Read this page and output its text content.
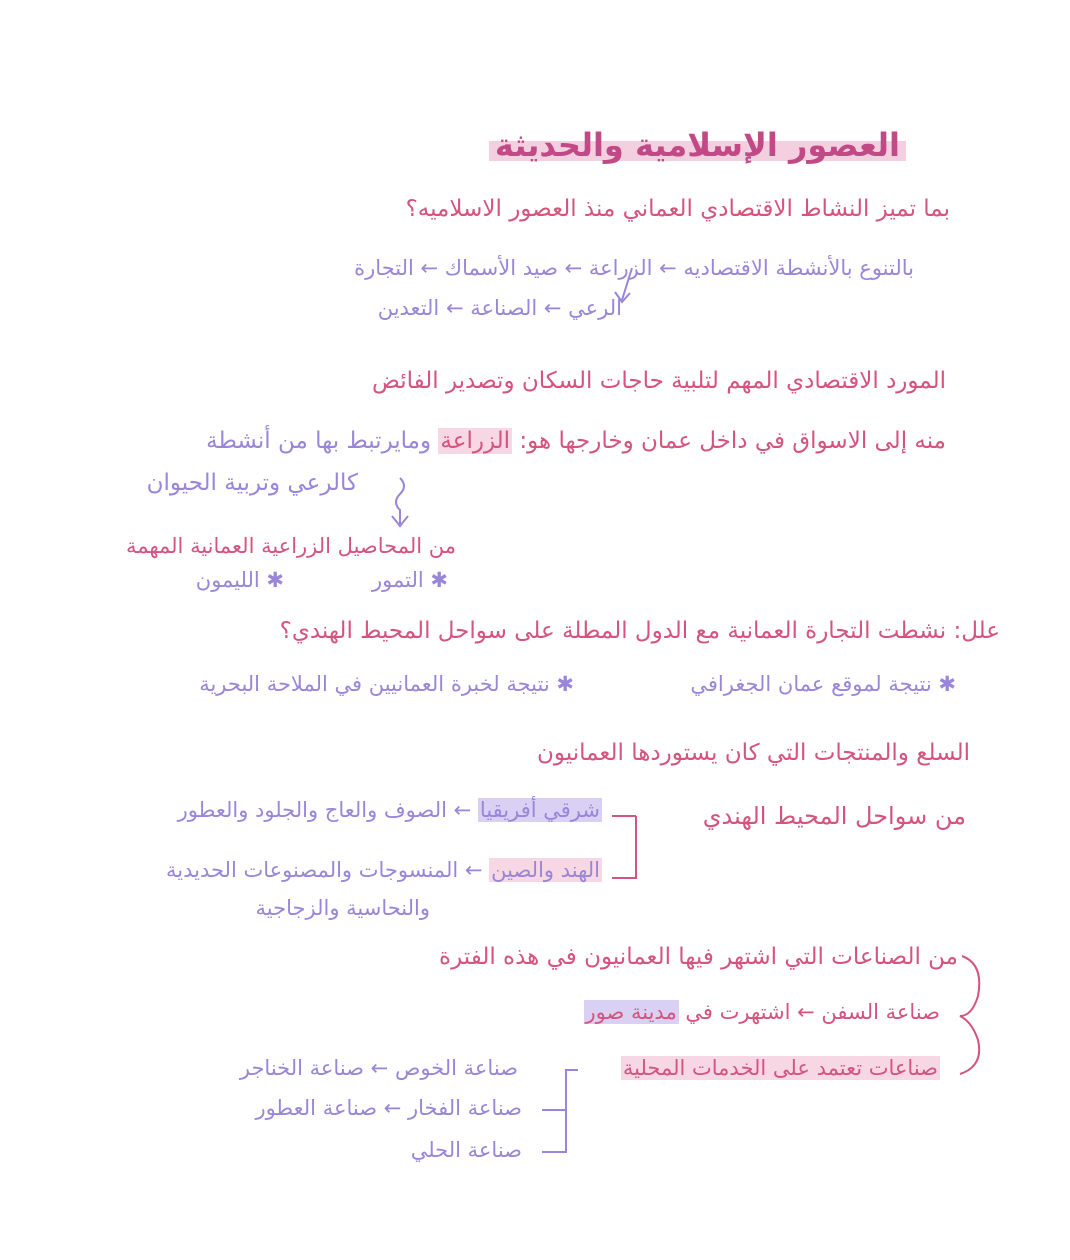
العصور الإسلامية والحديثة
بما تميز النشاط الاقتصادي العماني منذ العصور الاسلاميه؟
بالتنوع بالأنشطة الاقتصاديه ← الزراعة ← صيد الأسماك ← التجارة
الرعي ← الصناعة ← التعدين
المورد الاقتصادي المهم لتلبية حاجات السكان وتصدير الفائض
منه إلى الاسواق في داخل عمان وخارجها هو: الزراعة ومايرتبط بها من أنشطة
كالرعي وتربية الحيوان
من المحاصيل الزراعية العمانية المهمة
✱ التمور
✱ الليمون
علل: نشطت التجارة العمانية مع الدول المطلة على سواحل المحيط الهندي؟
✱ نتيجة لموقع عمان الجغرافي
✱ نتيجة لخبرة العمانيين في الملاحة البحرية
السلع والمنتجات التي كان يستوردها العمانيون
من سواحل المحيط الهندي
شرقي أفريقيا ← الصوف والعاج والجلود والعطور
الهند والصين ← المنسوجات والمصنوعات الحديدية
والنحاسية والزجاجية
من الصناعات التي اشتهر فيها العمانيون في هذه الفترة
صناعة السفن ← اشتهرت في مدينة صور
صناعات تعتمد على الخدمات المحلية
صناعة الخوص ← صناعة الخناجر
صناعة الفخار ← صناعة العطور
صناعة الحلي
